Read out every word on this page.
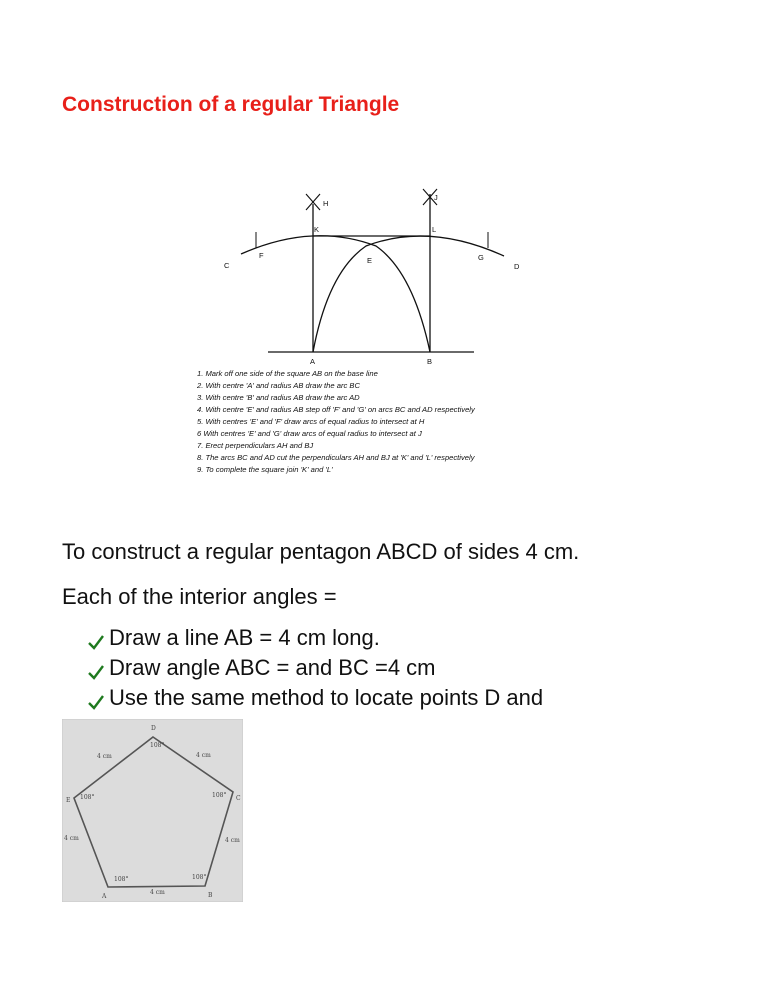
Construction of a regular Triangle
H
J
K	L
C
F
E	G
D
A	B
1. Mark off one side of the square AB on the base line
2. With centre 'A' and radius AB draw the arc BC
3. With centre 'B' and radius AB draw the arc AD
4. With centre 'E' and radius AB step off 'F' and 'G' on arcs BC and AD respectively
5. With centres 'E' and 'F' draw arcs of equal radius to intersect at H
6 With centres 'E' and 'G' draw arcs of equal radius to intersect at J
7. Erect perpendiculars AH and BJ
8. The arcs BC and AD cut the perpendiculars AH and BJ at 'K' and 'L' respectively
9. To complete the square join 'K' and 'L'

To construct a regular pentagon ABCD of sides 4 cm.

Each of the interior angles =

Draw a line AB = 4 cm long.
Draw angle ABC = and BC =4 cm
Use the same method to locate points D and
D
C
B
A
E
108°
108°
108°
108°
108°
4 cm	4 cm
4 cm	4 cm
4 cm
